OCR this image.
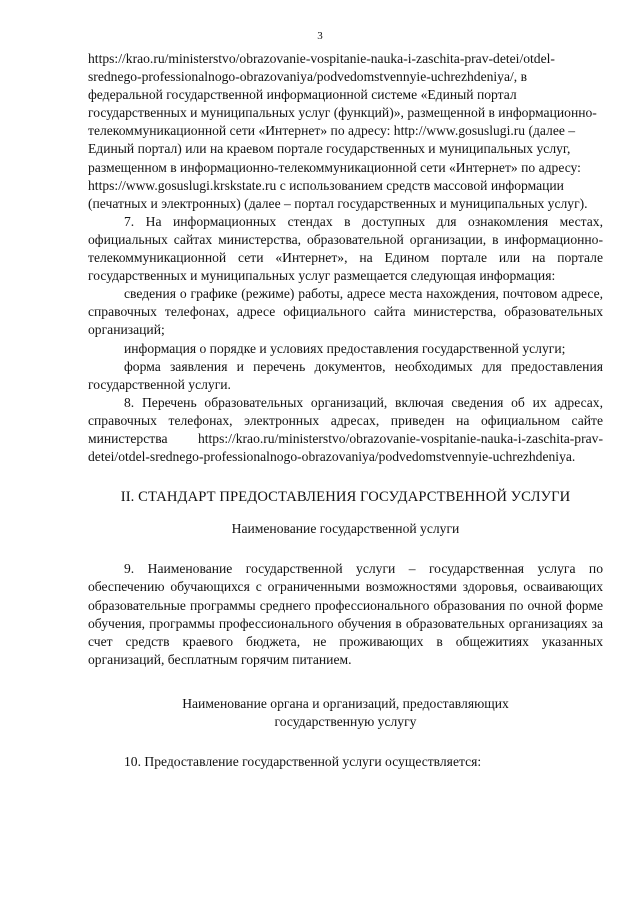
3

https://krao.ru/ministerstvo/obrazovanie-vospitanie-nauka-i-zaschita-prav-detei/otdel-srednego-professionalnogo-obrazovaniya/podvedomstvennyie-uchrezhdeniya/, в федеральной государственной информационной системе «Единый портал государственных и муниципальных услуг (функций)», размещенной в информационно-телекоммуникационной сети «Интернет» по адресу: http://www.gosuslugi.ru (далее – Единый портал) или на краевом портале государственных и муниципальных услуг, размещенном в информационно-телекоммуникационной сети «Интернет» по адресу: https://www.gosuslugi.krskstate.ru с использованием средств массовой информации (печатных и электронных) (далее – портал государственных и муниципальных услуг).

7. На информационных стендах в доступных для ознакомления местах, официальных сайтах министерства, образовательной организации, в информационно-телекоммуникационной сети «Интернет», на Едином портале или на портале государственных и муниципальных услуг размещается следующая информация:

сведения о графике (режиме) работы, адресе места нахождения, почтовом адресе, справочных телефонах, адресе официального сайта министерства, образовательных организаций;

информация о порядке и условиях предоставления государственной услуги;

форма заявления и перечень документов, необходимых для предоставления государственной услуги.

8. Перечень образовательных организаций, включая сведения об их адресах, справочных телефонах, электронных адресах, приведен на официальном сайте министерства https://krao.ru/ministerstvo/obrazovanie-vospitanie-nauka-i-zaschita-prav-detei/otdel-srednego-professionalnogo-obrazovaniya/podvedomstvennyie-uchrezhdeniya.

II. СТАНДАРТ ПРЕДОСТАВЛЕНИЯ ГОСУДАРСТВЕННОЙ УСЛУГИ

Наименование государственной услуги

9. Наименование государственной услуги – государственная услуга по обеспечению обучающихся с ограниченными возможностями здоровья, осваивающих образовательные программы среднего профессионального образования по очной форме обучения, программы профессионального обучения в образовательных организациях за счет средств краевого бюджета, не проживающих в общежитиях указанных организаций, бесплатным горячим питанием.

Наименование органа и организаций, предоставляющих

государственную услугу

10. Предоставление государственной услуги осуществляется:
